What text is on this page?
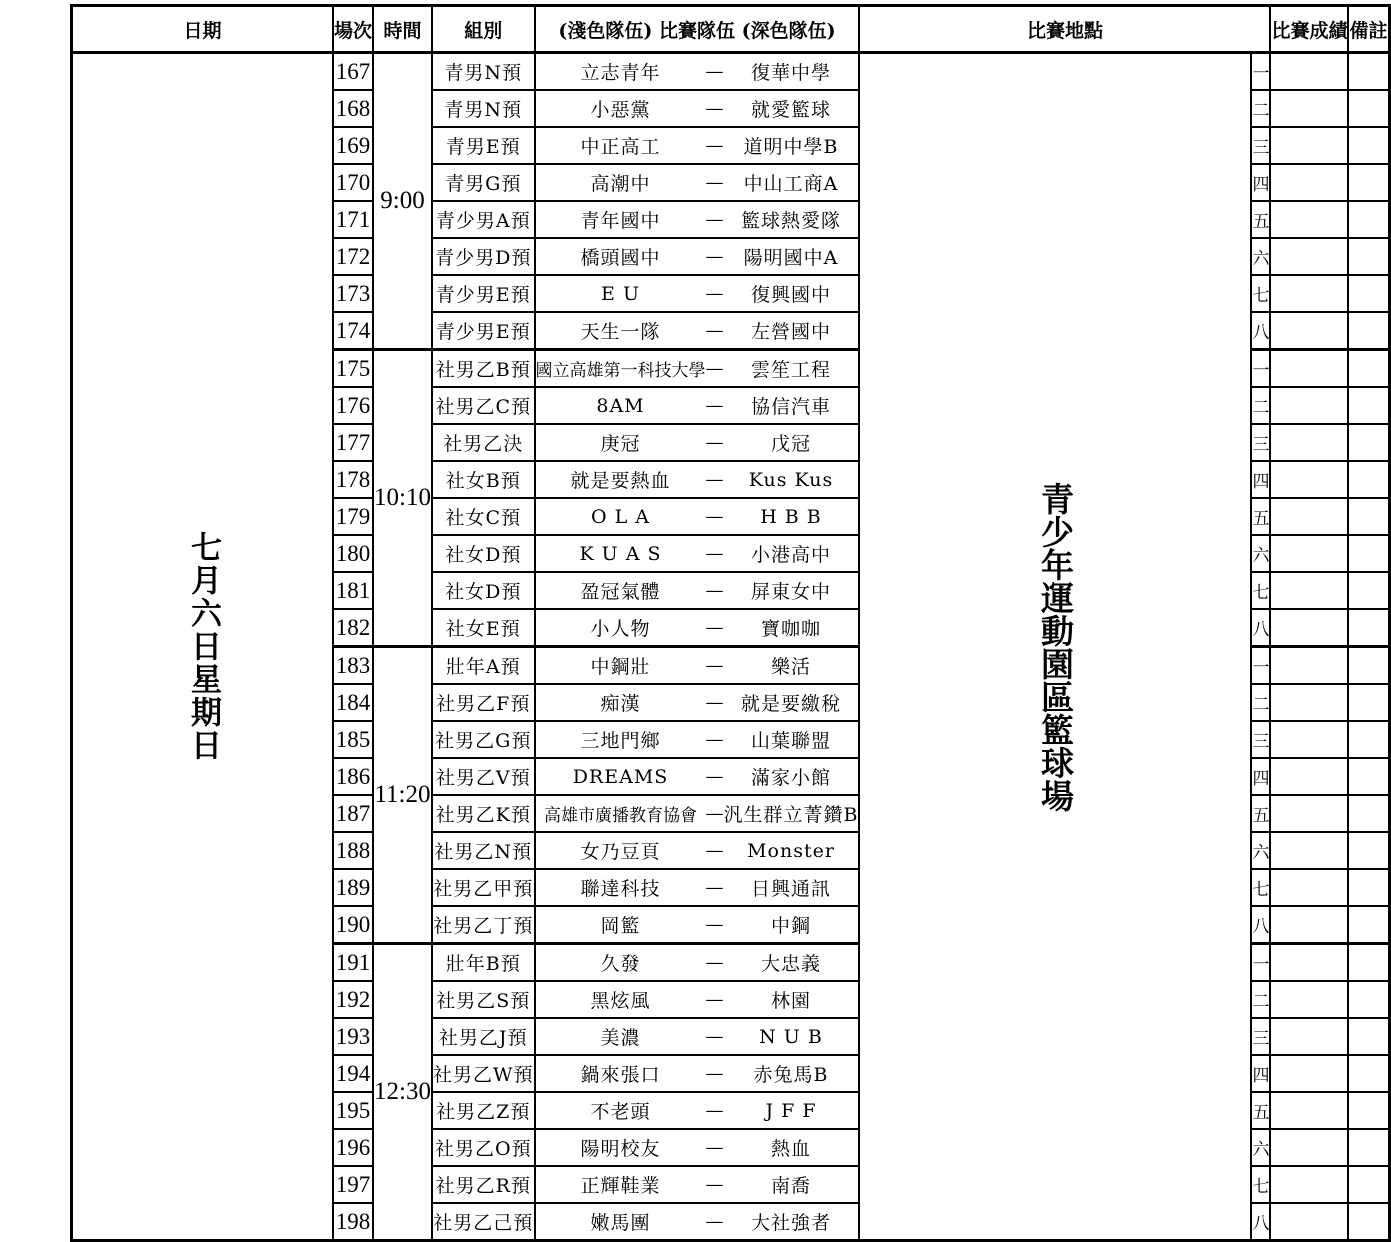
日期	場次	時間	組別	(淺色隊伍) 比賽隊伍 (深色隊伍)			比賽地點		比賽成績	備註
七月六日星期日	167	9:00	青男N預	立志青年	—	復華中學	青少年運動園區籃球場	一		
	168		青男N預	小惡黨	—	就愛籃球		二		
	169		青男E預	中正高工	—	道明中學B		三		
	170		青男G預	高潮中	—	中山工商A		四		
	171		青少男A預	青年國中	—	籃球熱愛隊		五		
	172		青少男D預	橋頭國中	—	陽明國中A		六		
	173		青少男E預	E U	—	復興國中		七		
	174		青少男E預	天生一隊	—	左營國中		八		
	175	10:10	社男乙B預	國立高雄第一科技大學	—	雲笙工程		一		
	176		社男乙C預	8AM	—	協信汽車		二		
	177		社男乙決	庚冠	—	戊冠		三		
	178		社女B預	就是要熱血	—	Kus Kus		四		
	179		社女C預	O L A	—	H B B		五		
	180		社女D預	K U A S	—	小港高中		六		
	181		社女D預	盈冠氣體	—	屏東女中		七		
	182		社女E預	小人物	—	寶咖咖		八		
	183	11:20	壯年A預	中鋼壯	—	樂活		一		
	184		社男乙F預	痴漢	—	就是要繳稅		二		
	185		社男乙G預	三地門鄉	—	山葉聯盟		三		
	186		社男乙V預	DREAMS	—	滿家小館		四		
	187		社男乙K預	高雄市廣播教育協會	—	汎生群立菁鑽B		五		
	188		社男乙N預	女乃豆頁	—	Monster		六		
	189		社男乙甲預	聯達科技	—	日興通訊		七		
	190		社男乙丁預	岡籃	—	中鋼		八		
	191	12:30	壯年B預	久發	—	大忠義		一		
	192		社男乙S預	黑炫風	—	林園		二		
	193		社男乙J預	美濃	—	N U B		三		
	194		社男乙W預	鍋來張口	—	赤兔馬B		四		
	195		社男乙Z預	不老頭	—	J F F		五		
	196		社男乙O預	陽明校友	—	熱血		六		
	197		社男乙R預	正輝鞋業	—	南喬		七		
	198		社男乙己預	嫩馬團	—	大社強者		八		
